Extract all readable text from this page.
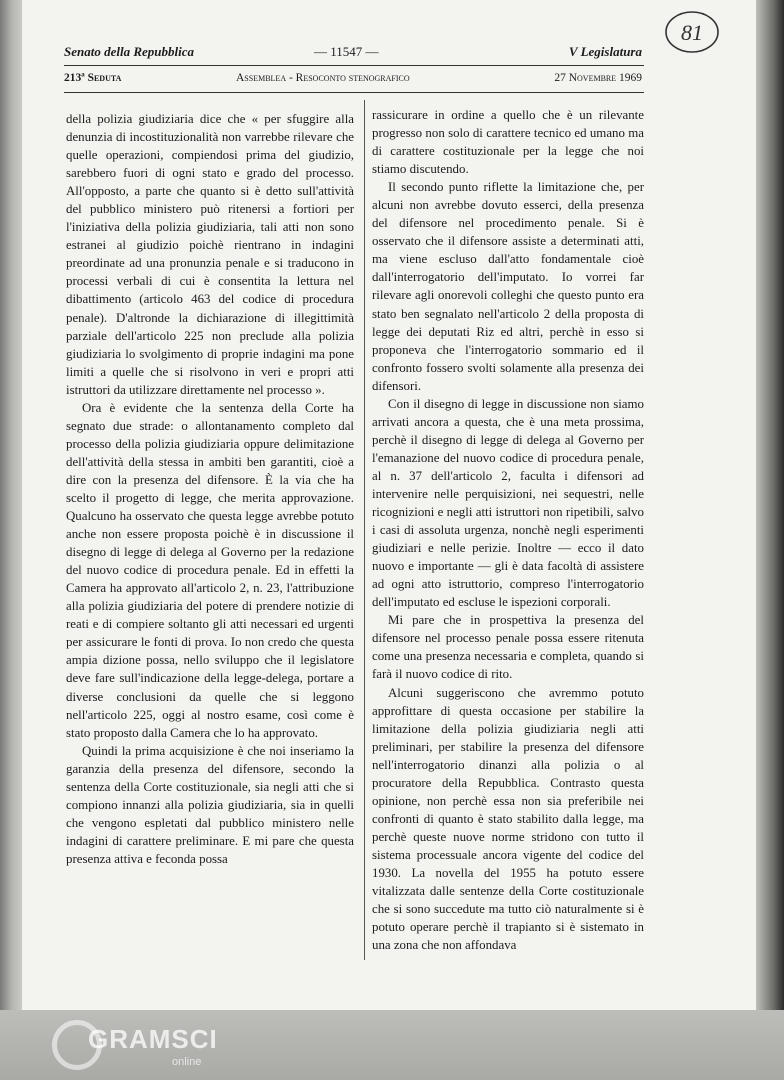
81
Senato della Repubblica	— 11547 —	V Legislatura
213ª Seduta	Assemblea - Resoconto stenografico	27 Novembre 1969

della polizia giudiziaria dice che « per sfuggire alla denunzia di incostituzionalità non varrebbe rilevare che quelle operazioni, compiendosi prima del giudizio, sarebbero fuori di ogni stato e grado del processo. All'opposto, a parte che quanto si è detto sull'attività del pubblico ministero può ritenersi a fortiori per l'iniziativa della polizia giudiziaria, tali atti non sono estranei al giudizio poichè rientrano in indagini preordinate ad una pronunzia penale e si traducono in processi verbali di cui è consentita la lettura nel dibattimento (articolo 463 del codice di procedura penale). D'altronde la dichiarazione di illegittimità parziale dell'articolo 225 non preclude alla polizia giudiziaria lo svolgimento di proprie indagini ma pone limiti a quelle che si risolvono in veri e propri atti istruttori da utilizzare direttamente nel processo ».

Ora è evidente che la sentenza della Corte ha segnato due strade: o allontanamento completo dal processo della polizia giudiziaria oppure delimitazione dell'attività della stessa in ambiti ben garantiti, cioè a dire con la presenza del difensore. È la via che ha scelto il progetto di legge, che merita approvazione. Qualcuno ha osservato che questa legge avrebbe potuto anche non essere proposta poichè è in discussione il disegno di legge di delega al Governo per la redazione del nuovo codice di procedura penale. Ed in effetti la Camera ha approvato all'articolo 2, n. 23, l'attribuzione alla polizia giudiziaria del potere di prendere notizie di reati e di compiere soltanto gli atti necessari ed urgenti per assicurare le fonti di prova. Io non credo che questa ampia dizione possa, nello sviluppo che il legislatore deve fare sull'indicazione della legge-delega, portare a diverse conclusioni da quelle che si leggono nell'articolo 225, oggi al nostro esame, così come è stato proposto dalla Camera che lo ha approvato.

Quindi la prima acquisizione è che noi inseriamo la garanzia della presenza del difensore, secondo la sentenza della Corte costituzionale, sia negli atti che si compiono innanzi alla polizia giudiziaria, sia in quelli che vengono espletati dal pubblico ministero nelle indagini di carattere preliminare. E mi pare che questa presenza attiva e feconda possa

rassicurare in ordine a quello che è un rilevante progresso non solo di carattere tecnico ed umano ma di carattere costituzionale per la legge che noi stiamo discutendo.

Il secondo punto riflette la limitazione che, per alcuni non avrebbe dovuto esserci, della presenza del difensore nel procedimento penale. Si è osservato che il difensore assiste a determinati atti, ma viene escluso dall'atto fondamentale cioè dall'interrogatorio dell'imputato. Io vorrei far rilevare agli onorevoli colleghi che questo punto era stato ben segnalato nell'articolo 2 della proposta di legge dei deputati Riz ed altri, perchè in esso si proponeva che l'interrogatorio sommario ed il confronto fossero svolti solamente alla presenza dei difensori.

Con il disegno di legge in discussione non siamo arrivati ancora a questa, che è una meta prossima, perchè il disegno di legge di delega al Governo per l'emanazione del nuovo codice di procedura penale, al n. 37 dell'articolo 2, faculta i difensori ad intervenire nelle perquisizioni, nei sequestri, nelle ricognizioni e negli atti istruttori non ripetibili, salvo i casi di assoluta urgenza, nonchè negli esperimenti giudiziari e nelle perizie. Inoltre — ecco il dato nuovo e importante — gli è data facoltà di assistere ad ogni atto istruttorio, compreso l'interrogatorio dell'imputato ed escluse le ispezioni corporali.

Mi pare che in prospettiva la presenza del difensore nel processo penale possa essere ritenuta come una presenza necessaria e completa, quando si farà il nuovo codice di rito.

Alcuni suggeriscono che avremmo potuto approfittare di questa occasione per stabilire la limitazione della polizia giudiziaria negli atti preliminari, per stabilire la presenza del difensore nell'interrogatorio dinanzi alla polizia o al procuratore della Repubblica. Contrasto questa opinione, non perchè essa non sia preferibile nei confronti di quanto è stato stabilito dalla legge, ma perchè queste nuove norme stridono con tutto il sistema processuale ancora vigente del codice del 1930. La novella del 1955 ha potuto essere vitalizzata dalle sentenze della Corte costituzionale che si sono succedute ma tutto ciò naturalmente si è potuto operare perchè il trapianto si è sistemato in una zona che non affondava

GRAMSCI
online
